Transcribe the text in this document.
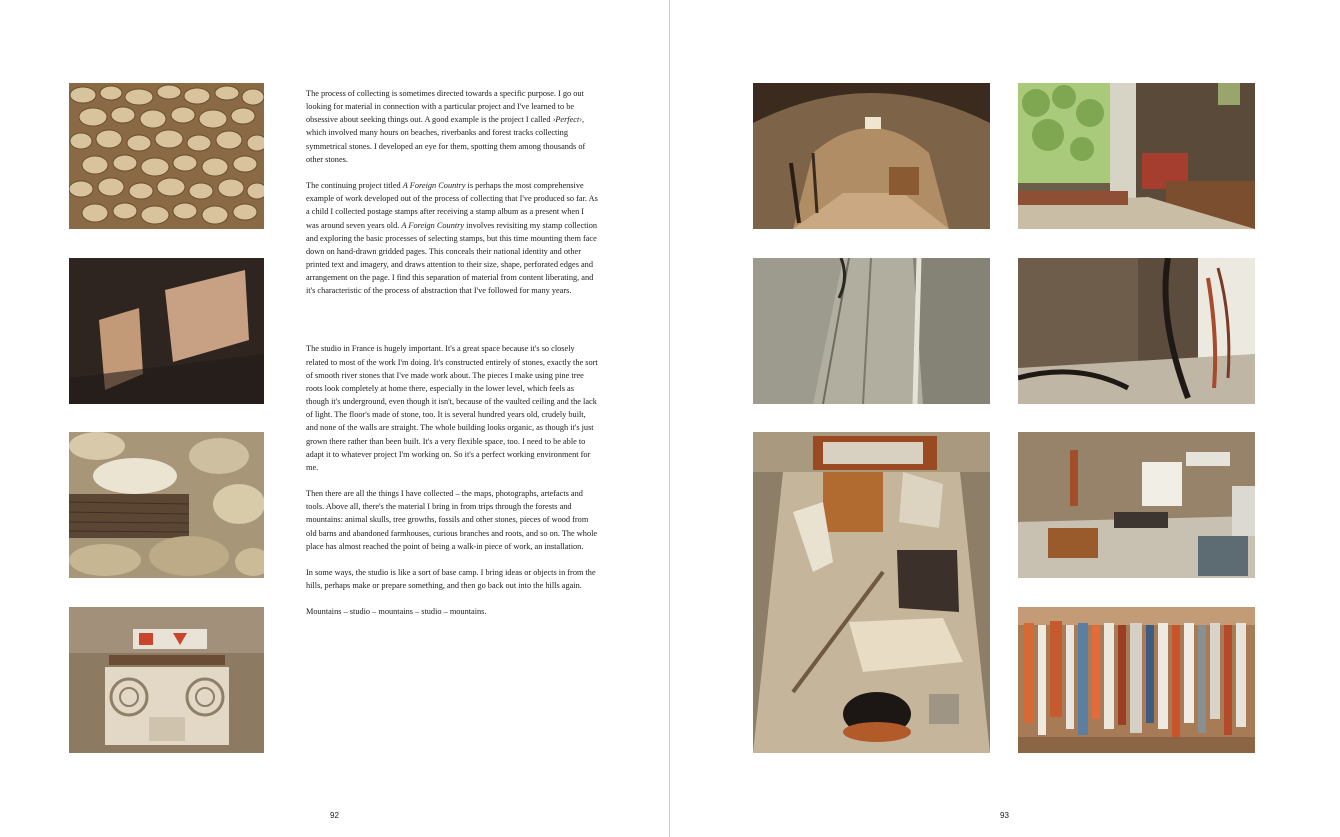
The process of collecting is sometimes directed towards a specific purpose. I go out looking for material in connection with a particular project and I've learned to be obsessive about seeking things out. A good example is the project I called ›Perfect›, which involved many hours on beaches, riverbanks and forest tracks collecting symmetrical stones. I developed an eye for them, spotting them among thousands of other stones.

The continuing project titled A Foreign Country is perhaps the most comprehensive example of work developed out of the process of collecting that I've produced so far. As a child I collected postage stamps after receiving a stamp album as a present when I was around seven years old. A Foreign Country involves revisiting my stamp collection and exploring the basic processes of selecting stamps, but this time mounting them face down on hand-drawn gridded pages. This conceals their national identity and other printed text and imagery, and draws attention to their size, shape, perforated edges and arrangement on the page. I find this separation of material from content liberating, and it's characteristic of the process of abstraction that I've followed for many years.

The studio in France is hugely important. It's a great space because it's so closely related to most of the work I'm doing. It's constructed entirely of stones, exactly the sort of smooth river stones that I've made work about. The pieces I make using pine tree roots look completely at home there, especially in the lower level, which feels as though it's underground, even though it isn't, because of the vaulted ceiling and the lack of light. The floor's made of stone, too. It is several hundred years old, crudely built, and none of the walls are straight. The whole building looks organic, as though it's just grown there rather than been built. It's a very flexible space, too. I need to be able to adapt it to whatever project I'm working on. So it's a perfect working environment for me.

Then there are all the things I have collected – the maps, photographs, artefacts and tools. Above all, there's the material I bring in from trips through the forests and mountains: animal skulls, tree growths, fossils and other stones, pieces of wood from old barns and abandoned farmhouses, curious branches and roots, and so on. The whole place has almost reached the point of being a walk-in piece of work, an installation.

In some ways, the studio is like a sort of base camp. I bring ideas or objects in from the hills, perhaps make or prepare something, and then go back out into the hills again.

Mountains – studio – mountains – studio – mountains.

92	93
